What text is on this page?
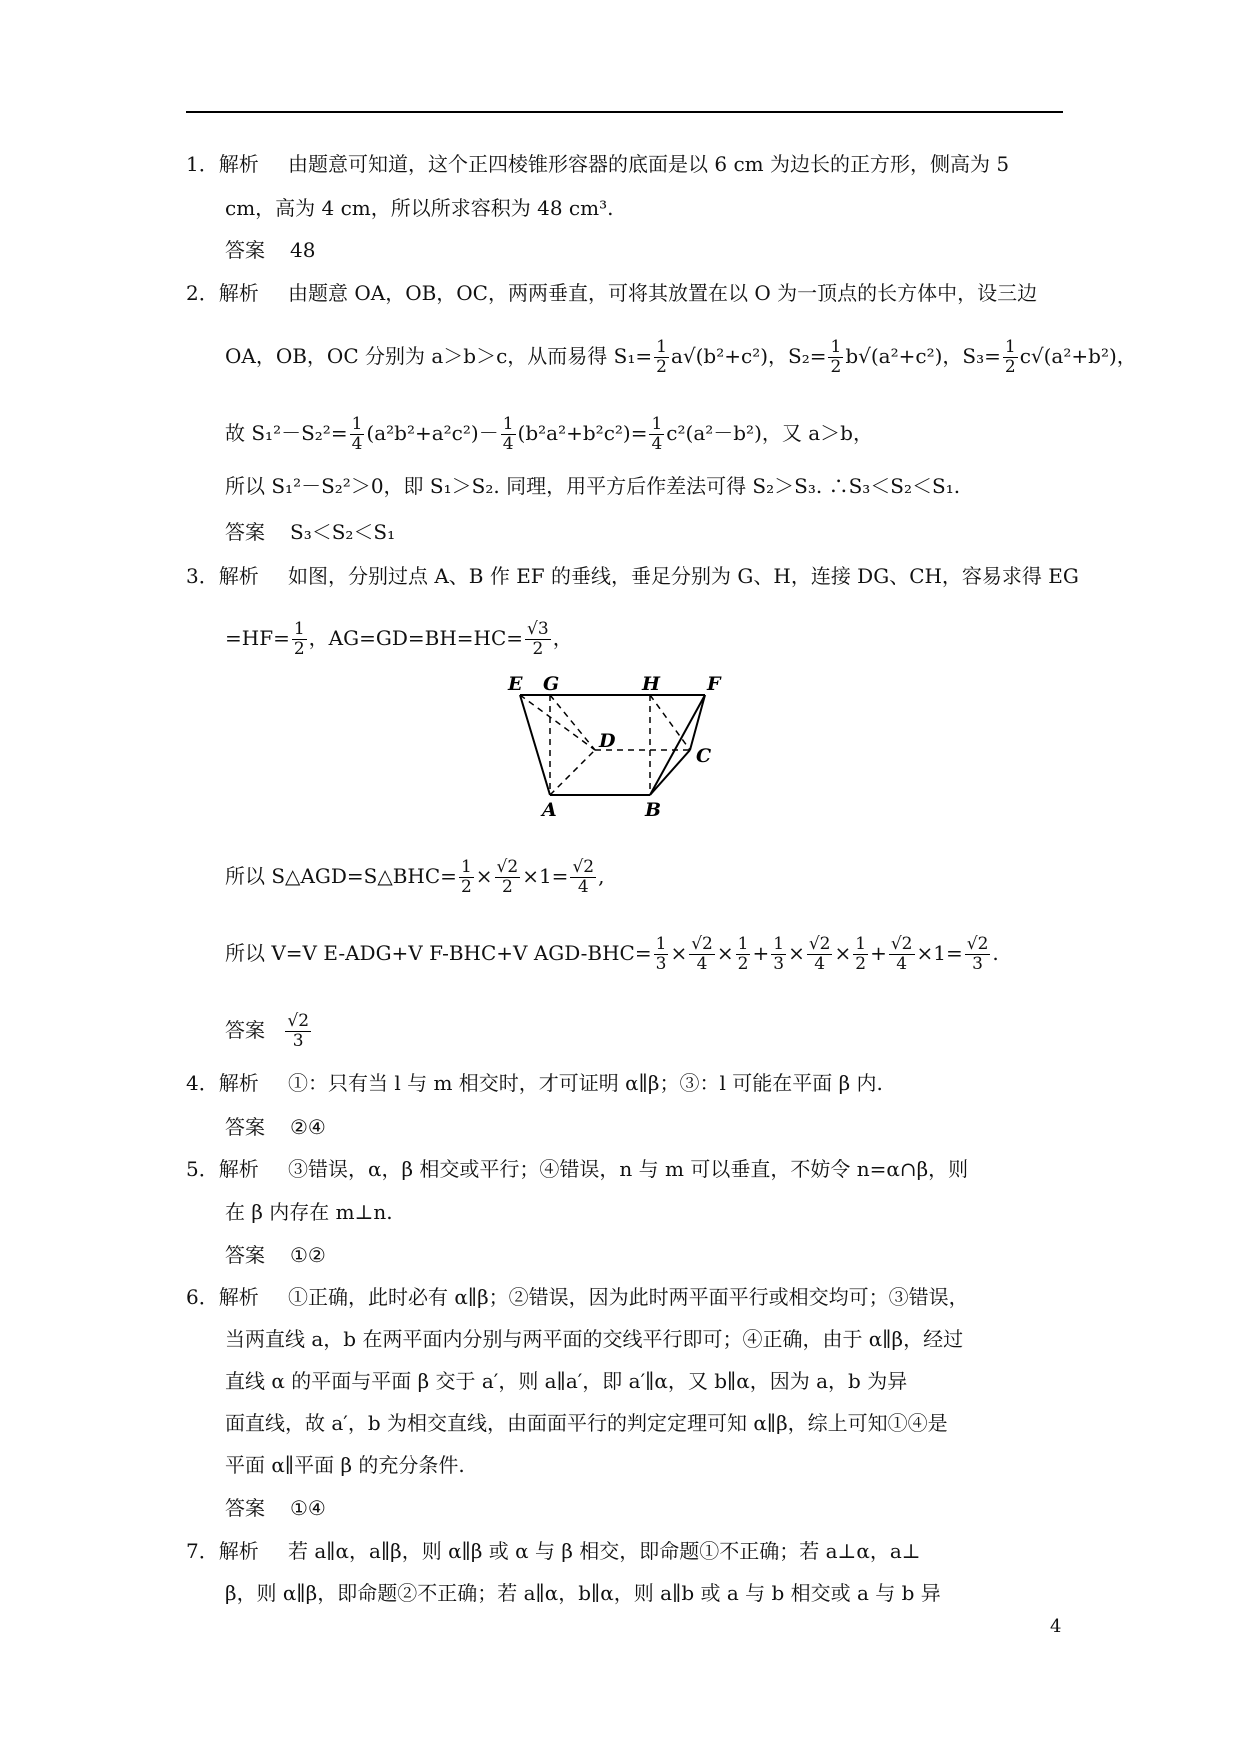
1．解析 由题意可知道，这个正四棱锥形容器的底面是以 6 cm 为边长的正方形，侧高为 5
cm，高为 4 cm，所以所求容积为 48 cm³.
答案 48
2．解析 由题意 OA，OB，OC，两两垂直，可将其放置在以 O 为一顶点的长方体中，设三边
OA，OB，OC 分别为 a＞b＞c，从而易得 $S_1= \frac{1}{2} a√(b^2+c^2)$，$S_2= \frac{1}{2} b√(a^2+c^2)$，$S_3= \frac{1}{2} c√(a^2+b^2)$，
故 $S_1^2-S_2^2= \frac{1}{4} (a^2b^2+a^2c^2)- \frac{1}{4} (b^2a^2+b^2c^2)= \frac{1}{4} c^2(a^2-b^2)$，又 a＞b，
所以 S₁²－S₂²＞0，即 S₁＞S₂. 同理，用平方后作差法可得 S₂＞S₃. ∴S₃＜S₂＜S₁.
答案 S₃＜S₂＜S₁
3．解析 如图，分别过点 A、B 作 EF 的垂线，垂足分别为 G、H，连接 DG、CH，容易求得 EG
$=HF= \frac{1}{2}$ ，$AG=GD=BH=HC= \frac{√3}{2}$ ，
E G	H F
D
C
A	B
所以 S△AGD=S△BHC= $\frac{1}{2} \times \frac{√2}{2} \times 1= \frac{√2}{4}$ ,
所以 V=V E-ADG+V F-BHC+V $AGD-BHC= \frac{1}{3} \times \frac{√2}{4} \times \frac{1}{2} + \frac{1}{3} \times \frac{√2}{4} \times \frac{1}{2} + \frac{√2}{4} \times 1= \frac{√2}{3}$ .
答案 $\frac{√2}{3}$
4．解析 ①：只有当 l 与 m 相交时，才可证明 α∥β；③：l 可能在平面 β 内.
答案 ②④
5．解析 ③错误，α，β 相交或平行；④错误，n 与 m 可以垂直，不妨令 n=α∩β，则
在 β 内存在 m⊥n.
答案 ①②
6．解析 ①正确，此时必有 α∥β；②错误，因为此时两平面平行或相交均可；③错误，
当两直线 a，b 在两平面内分别与两平面的交线平行即可；④正确，由于 α∥β，经过
直线 α 的平面与平面 β 交于 a′，则 a∥a′，即 a′∥α，又 b∥α，因为 a，b 为异
面直线，故 a′，b 为相交直线，由面面平行的判定定理可知 α∥β，综上可知①④是
平面 α∥平面 β 的充分条件.
答案 ①④
7．解析 若 a∥α，a∥β，则 α∥β 或 α 与 β 相交，即命题①不正确；若 a⊥α，a⊥
β，则 α∥β，即命题②不正确；若 a∥α，b∥α，则 a∥b 或 a 与 b 相交或 a 与 b 异
4
